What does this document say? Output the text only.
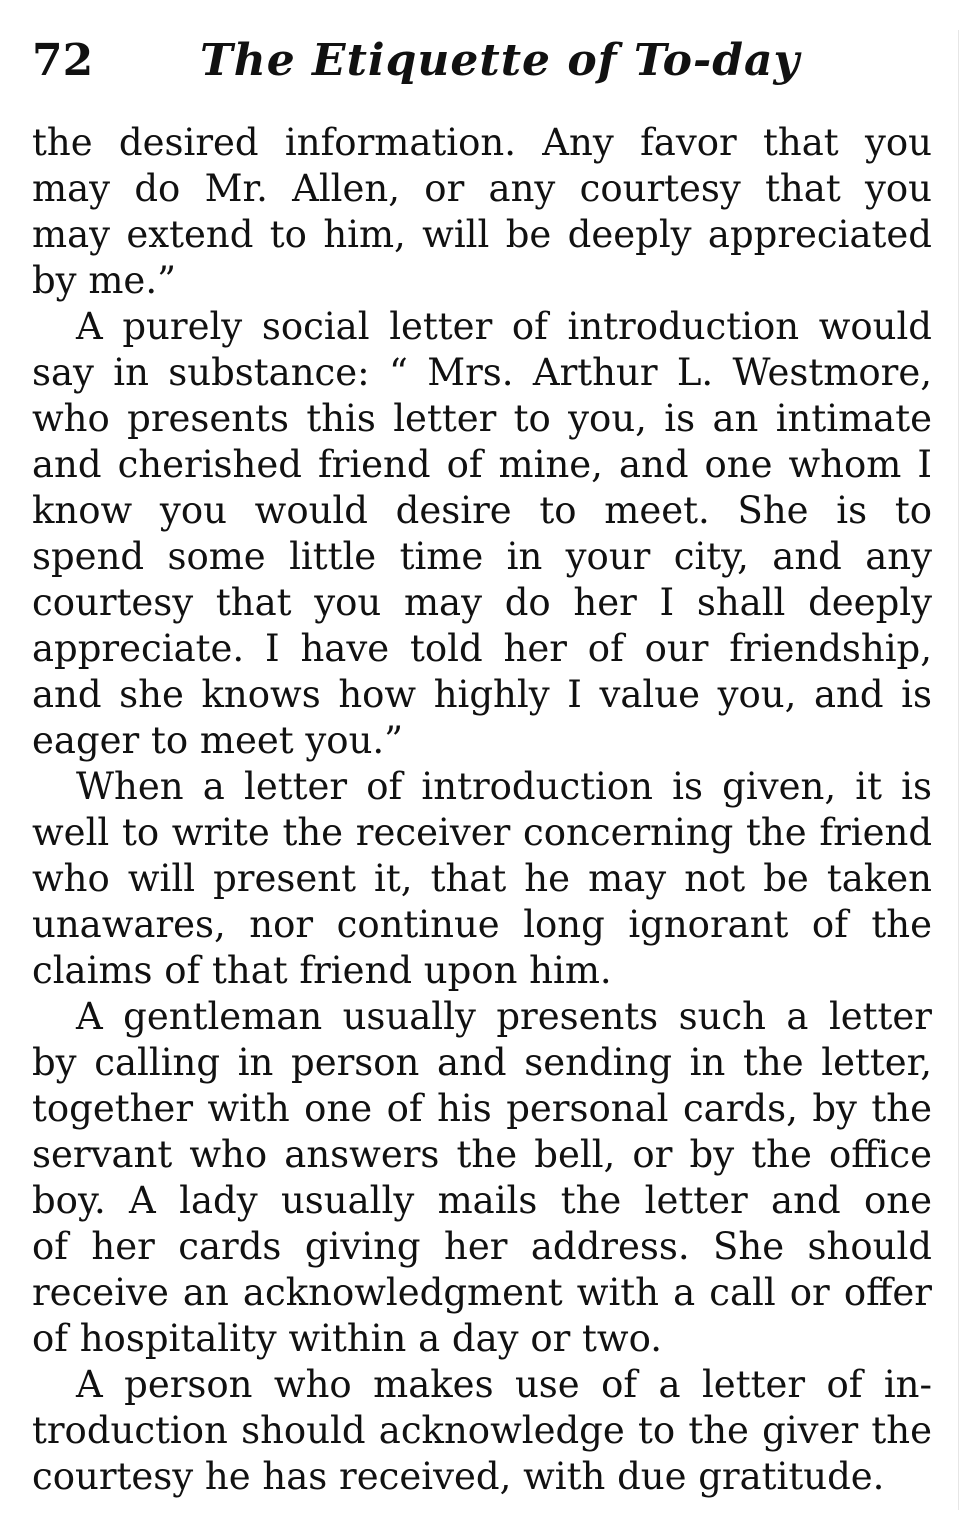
72 The Etiquette of To-day
the desired information. Any favor that you
may do Mr. Allen, or any courtesy that you
may extend to him, will be deeply appreciated
by me.”
A purely social letter of introduction would
say in substance: “ Mrs. Arthur L. Westmore,
who presents this letter to you, is an intimate
and cherished friend of mine, and one whom I
know you would desire to meet. She is to
spend some little time in your city, and any
courtesy that you may do her I shall deeply
appreciate. I have told her of our friendship,
and she knows how highly I value you, and is
eager to meet you.”
When a letter of introduction is given, it is
well to write the receiver concerning the friend
who will present it, that he may not be taken
unawares, nor continue long ignorant of the
claims of that friend upon him.
A gentleman usually presents such a letter
by calling in person and sending in the letter,
together with one of his personal cards, by the
servant who answers the bell, or by the office
boy. A lady usually mails the letter and one
of her cards giving her address. She should
receive an acknowledgment with a call or offer
of hospitality within a day or two.
A person who makes use of a letter of in-
troduction should acknowledge to the giver the
courtesy he has received, with due gratitude.
